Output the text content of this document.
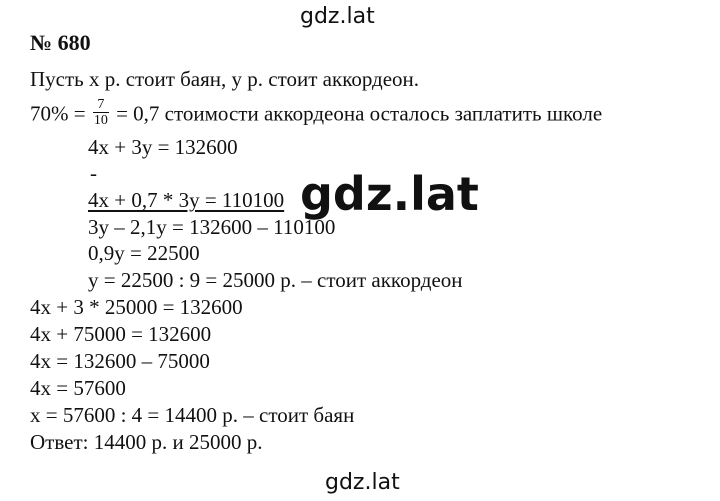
gdz.lat
№ 680
Пусть x р. стоит баян, y р. стоит аккордеон.
$70\% = \frac{7}{10} = 0,7$ стоимости аккордеона осталось заплатить школе
4x + 3y = 132600
-
4x + 0,7 * 3y = 110100
3y – 2,1y = 132600 – 110100
0,9y = 22500
y = 22500 : 9 = 25000 р. – стоит аккордеон
4x + 3 * 25000 = 132600
4x + 75000 = 132600
4x = 132600 – 75000
4x = 57600
x = 57600 : 4 = 14400 р. – стоит баян
Ответ: 14400 р. и 25000 р.
gdz.lat
gdz.lat
